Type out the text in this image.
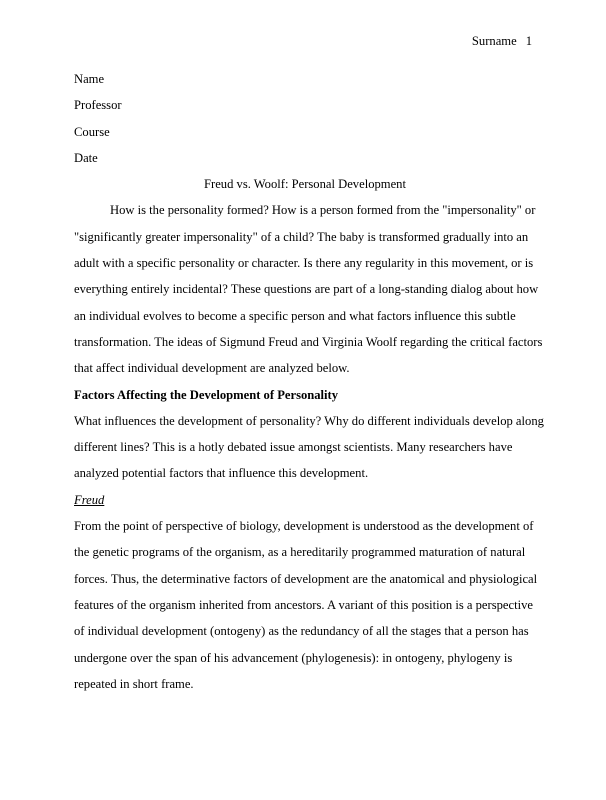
Surname 1

Name

Professor

Course

Date

Freud vs. Woolf: Personal Development

How is the personality formed? How is a person formed from the "impersonality" or

"significantly greater impersonality" of a child? The baby is transformed gradually into an

adult with a specific personality or character. Is there any regularity in this movement, or is

everything entirely incidental? These questions are part of a long-standing dialog about how

an individual evolves to become a specific person and what factors influence this subtle

transformation. The ideas of Sigmund Freud and Virginia Woolf regarding the critical factors

that affect individual development are analyzed below.

Factors Affecting the Development of Personality

What influences the development of personality? Why do different individuals develop along

different lines? This is a hotly debated issue amongst scientists. Many researchers have

analyzed potential factors that influence this development.

Freud

From the point of perspective of biology, development is understood as the development of

the genetic programs of the organism, as a hereditarily programmed maturation of natural

forces. Thus, the determinative factors of development are the anatomical and physiological

features of the organism inherited from ancestors. A variant of this position is a perspective

of individual development (ontogeny) as the redundancy of all the stages that a person has

undergone over the span of his advancement (phylogenesis): in ontogeny, phylogeny is

repeated in short frame.
